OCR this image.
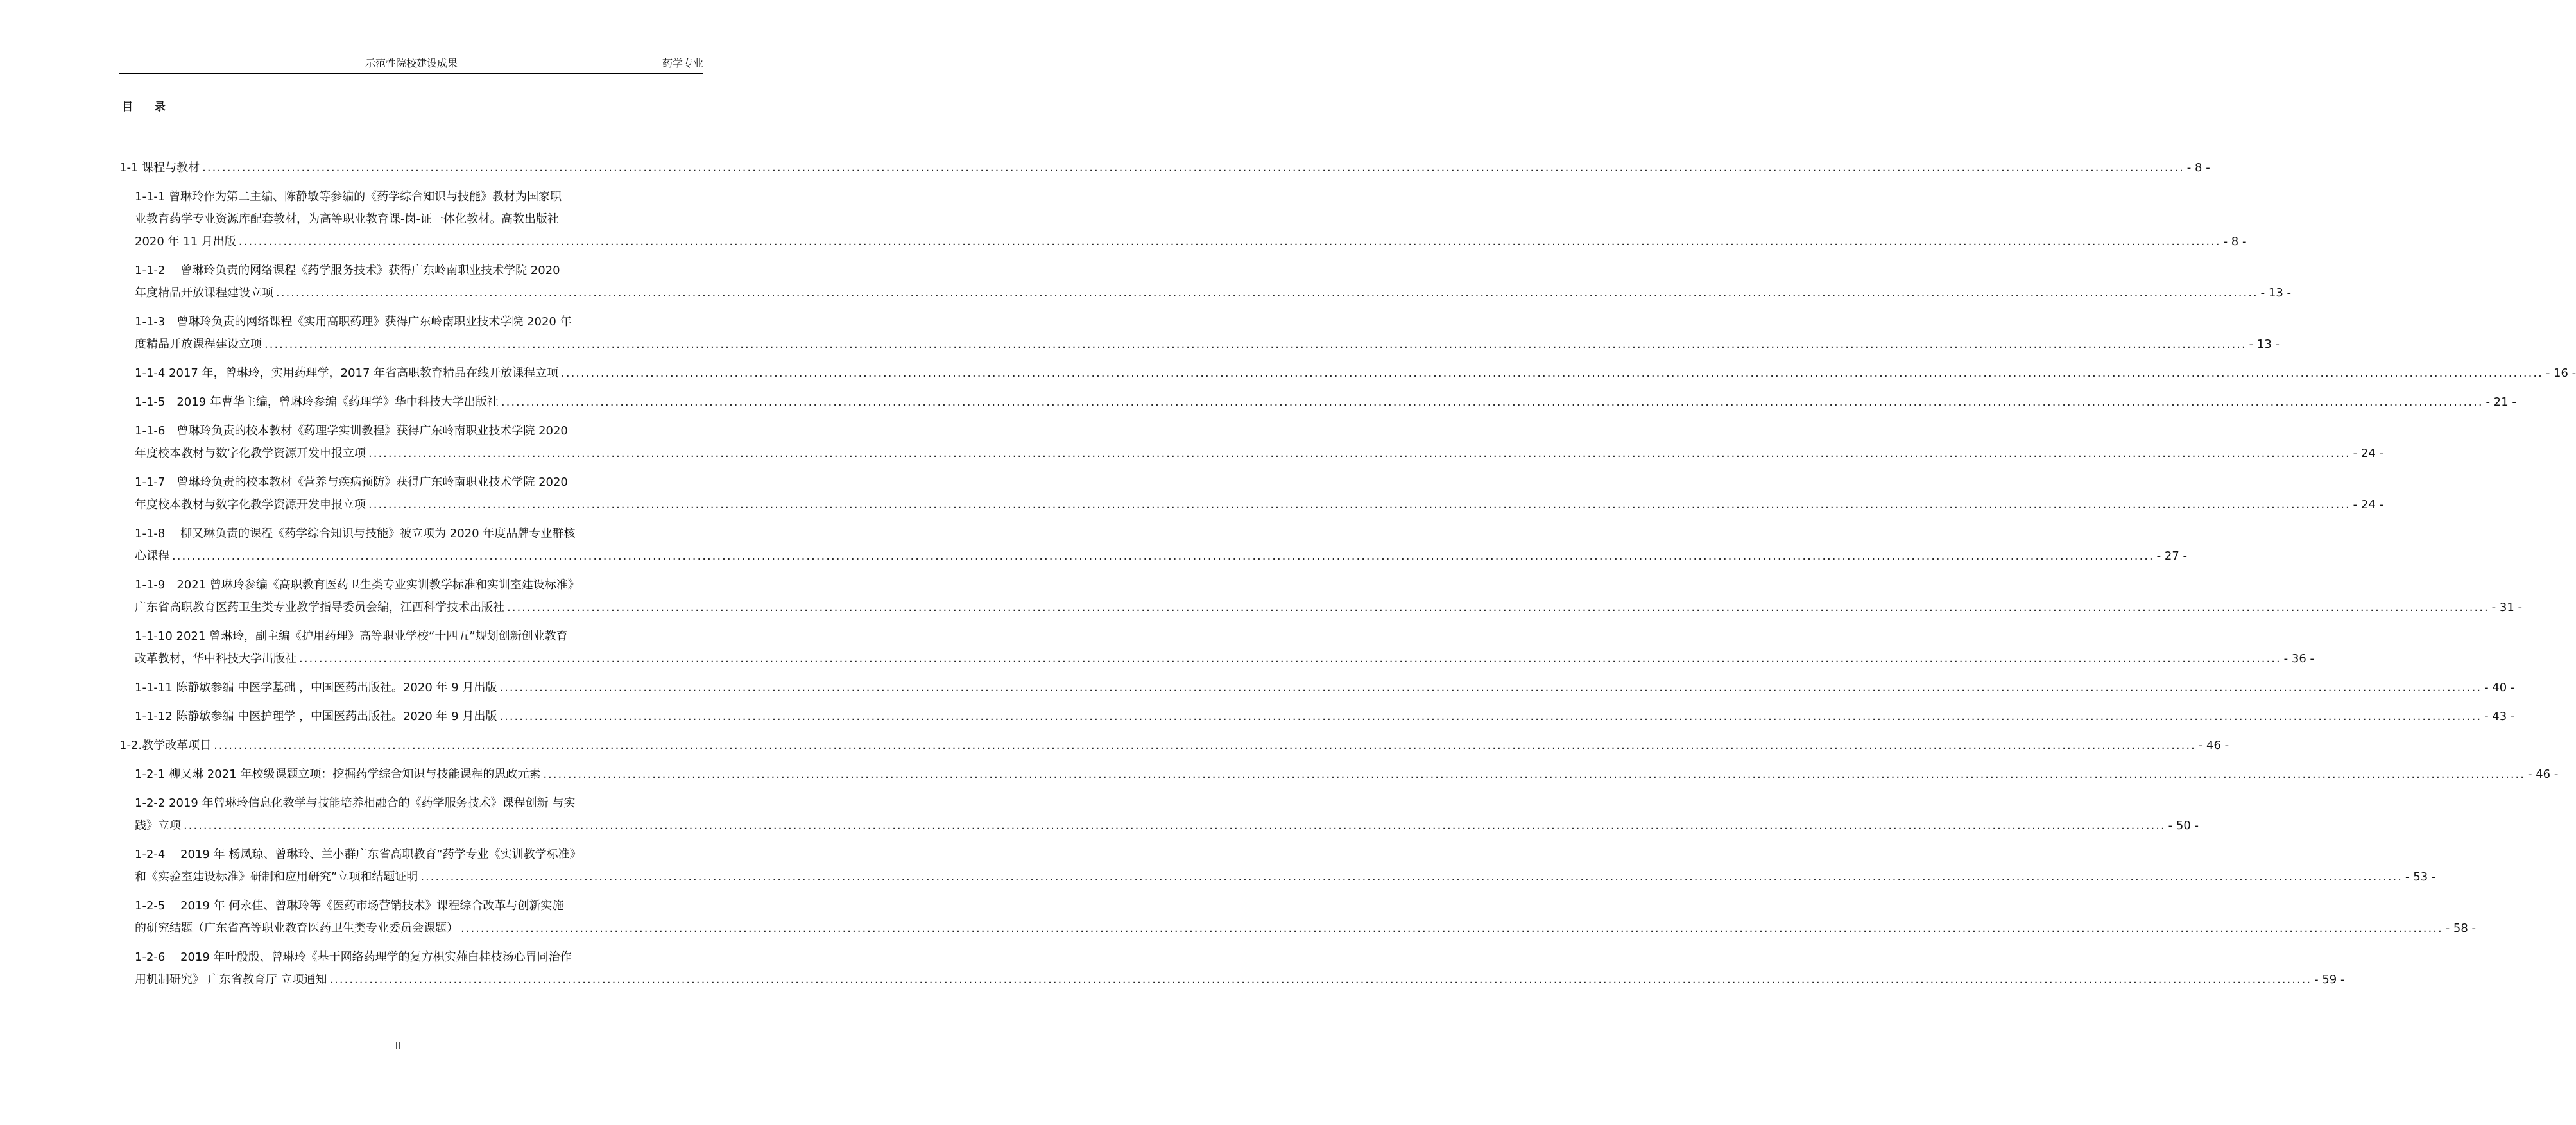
示范性院校建设成果	药学专业
目 录
1-1 课程与教材 ................................................................................................................................................................................................................................................................................................................................................................................................................ - 8 -
1-1-1 曾琳玲作为第二主编、陈静敏等参编的《药学综合知识与技能》教材为国家职
业教育药学专业资源库配套教材，为高等职业教育课-岗-证一体化教材。高教出版社
2020 年 11 月出版 ................................................................................................................................................................................................................................................................................................................................................................................................................ - 8 -
1-1-2　 曾琳玲负责的网络课程《药学服务技术》获得广东岭南职业技术学院 2020
年度精品开放课程建设立项 ................................................................................................................................................................................................................................................................................................................................................................................................................ - 13 -
1-1-3　曾琳玲负责的网络课程《实用高职药理》获得广东岭南职业技术学院 2020 年
度精品开放课程建设立项 ................................................................................................................................................................................................................................................................................................................................................................................................................ - 13 -
1-1-4 2017 年，曾琳玲，实用药理学，2017 年省高职教育精品在线开放课程立项 ................................................................................................................................................................................................................................................................................................................................................................................................................ - 16 -
1-1-5　2019 年曹华主编，曾琳玲参编《药理学》华中科技大学出版社 ................................................................................................................................................................................................................................................................................................................................................................................................................ - 21 -
1-1-6　曾琳玲负责的校本教材《药理学实训教程》获得广东岭南职业技术学院 2020
年度校本教材与数字化教学资源开发申报立项 ................................................................................................................................................................................................................................................................................................................................................................................................................ - 24 -
1-1-7　曾琳玲负责的校本教材《营养与疾病预防》获得广东岭南职业技术学院 2020
年度校本教材与数字化教学资源开发申报立项 ................................................................................................................................................................................................................................................................................................................................................................................................................ - 24 -
1-1-8　 柳又琳负责的课程《药学综合知识与技能》被立项为 2020 年度品牌专业群核
心课程 ................................................................................................................................................................................................................................................................................................................................................................................................................ - 27 -
1-1-9　2021 曾琳玲参编《高职教育医药卫生类专业实训教学标准和实训室建设标准》
广东省高职教育医药卫生类专业教学指导委员会编，江西科学技术出版社 ................................................................................................................................................................................................................................................................................................................................................................................................................ - 31 -
1-1-10 2021 曾琳玲，副主编《护用药理》高等职业学校“十四五”规划创新创业教育
改革教材，华中科技大学出版社 ................................................................................................................................................................................................................................................................................................................................................................................................................ - 36 -
1-1-11 陈静敏参编 中医学基础 ，中国医药出版社。2020 年 9 月出版 ................................................................................................................................................................................................................................................................................................................................................................................................................ - 40 -
1-1-12 陈静敏参编 中医护理学 ，中国医药出版社。2020 年 9 月出版 ................................................................................................................................................................................................................................................................................................................................................................................................................ - 43 -
1-2.教学改革项目 ................................................................................................................................................................................................................................................................................................................................................................................................................ - 46 -
1-2-1 柳又琳 2021 年校级课题立项：挖掘药学综合知识与技能课程的思政元素 ................................................................................................................................................................................................................................................................................................................................................................................................................ - 46 -
1-2-2 2019 年曾琳玲信息化教学与技能培养相融合的《药学服务技术》课程创新 与实
践》立项 ................................................................................................................................................................................................................................................................................................................................................................................................................ - 50 -
1-2-4　 2019 年 杨凤琼、曾琳玲、兰小群广东省高职教育“药学专业《实训教学标准》
和《实验室建设标准》研制和应用研究”立项和结题证明 ................................................................................................................................................................................................................................................................................................................................................................................................................ - 53 -
1-2-5　 2019 年 何永佳、曾琳玲等《医药市场营销技术》课程综合改革与创新实施
的研究结题（广东省高等职业教育医药卫生类专业委员会课题） ................................................................................................................................................................................................................................................................................................................................................................................................................ - 58 -
1-2-6　 2019 年叶殷殷、曾琳玲《基于网络药理学的复方枳实薤白桂枝汤心胃同治作
用机制研究》 广东省教育厅 立项通知 ................................................................................................................................................................................................................................................................................................................................................................................................................ - 59 -
II
